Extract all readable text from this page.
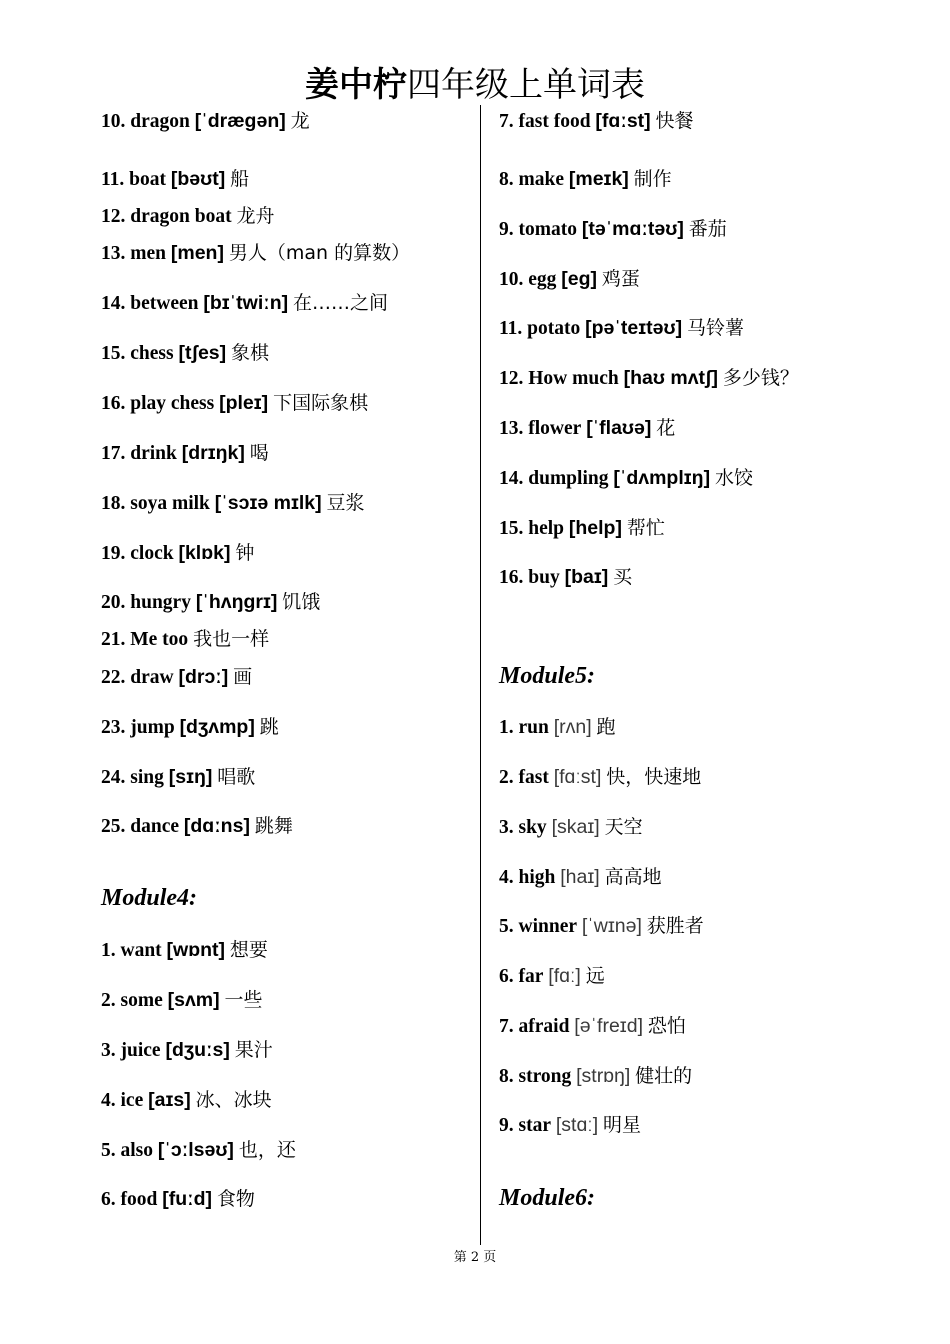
姜中柠四年级上单词表
Module4:
10. dragon [ˈdræɡən] 龙
11. boat [bəʊt] 船
12. dragon boat 龙舟
13. men [men] 男人（man 的算数）
14. between [bɪˈtwiːn] 在……之间
15. chess [tʃes] 象棋
16. play chess [pleɪ] 下国际象棋
17. drink [drɪŋk] 喝
18. soya milk [ˈsɔɪə mɪlk] 豆浆
19. clock [klɒk] 钟
20. hungry [ˈhʌŋɡrɪ] 饥饿
21. Me too 我也一样
22. draw [drɔː] 画
23. jump [dʒʌmp] 跳
24. sing [sɪŋ] 唱歌
25. dance [dɑːns] 跳舞
1. want [wɒnt] 想要
2. some [sʌm] 一些
3. juice [dʒuːs] 果汁
4. ice [aɪs] 冰、冰块
5. also [ˈɔːlsəʊ] 也，还
6. food [fuːd] 食物
Module5:
Module6:
7. fast food [fɑːst] 快餐
8. make [meɪk] 制作
9. tomato [təˈmɑːtəʊ] 番茄
10. egg [eɡ] 鸡蛋
11. potato [pəˈteɪtəʊ] 马铃薯
12. How much [haʊ mʌtʃ] 多少钱？
13. flower [ˈflaʊə] 花
14. dumpling [ˈdʌmplɪŋ] 水饺
15. help [help] 帮忙
16. buy [baɪ] 买
1. run [rʌn] 跑
2. fast [fɑːst] 快，快速地
3. sky [skaɪ] 天空
4. high [haɪ] 高高地
5. winner [ˈwɪnə] 获胜者
6. far [fɑː] 远
7. afraid [əˈfreɪd] 恐怕
8. strong [strɒŋ] 健壮的
9. star [stɑː] 明星
第 2 页
